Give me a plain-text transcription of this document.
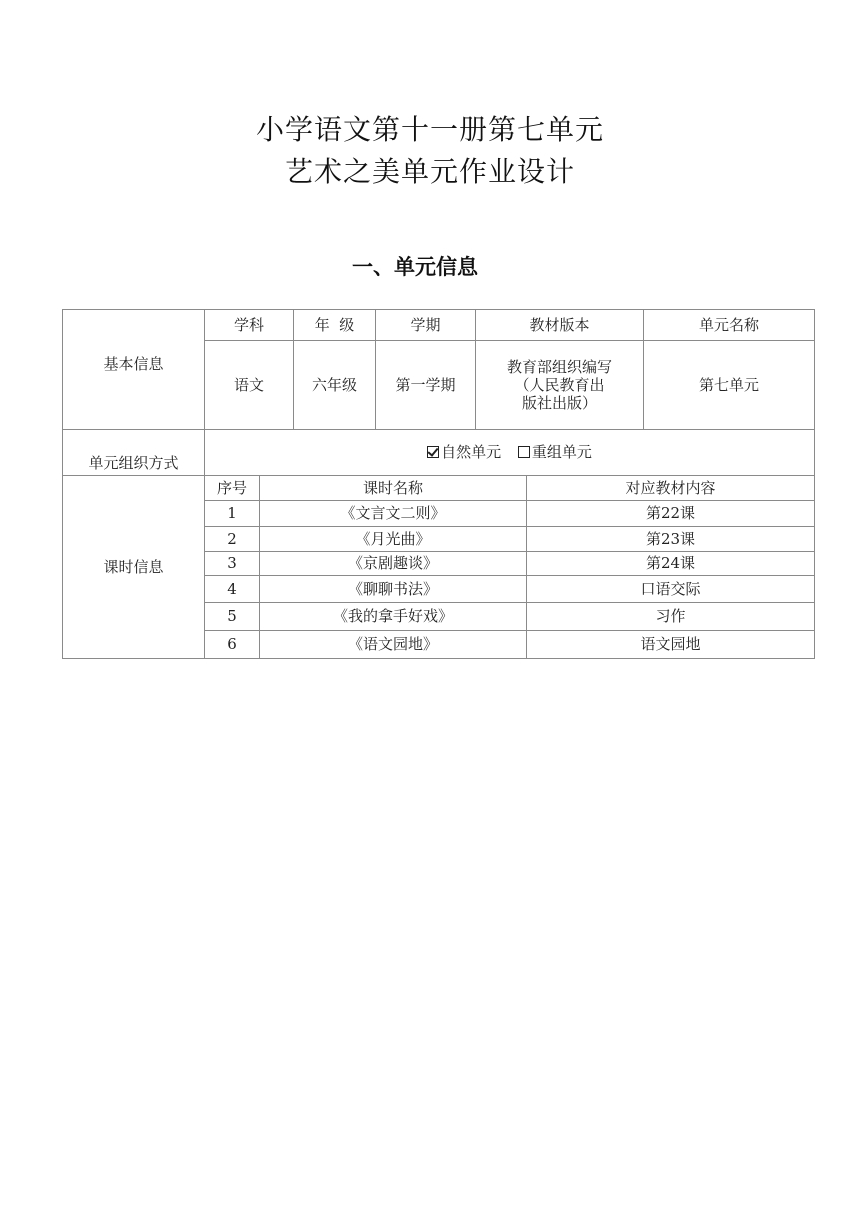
小学语文第十一册第七单元
艺术之美单元作业设计
一、单元信息
基本信息	学科	年  级	学期	教材版本	单元名称
	语文	六年级	第一学期	教育部组织编写
（人民教育出
版社出版）	第七单元
单元组织方式	自然单元 重组单元				
课时信息	序号	课时名称	对应教材内容
	1	《文言文二则》	第22课
	2	《月光曲》	第23课
	3	《京剧趣谈》	第24课
	4	《聊聊书法》	口语交际
	5	《我的拿手好戏》	习作
	6	《语文园地》	语文园地
